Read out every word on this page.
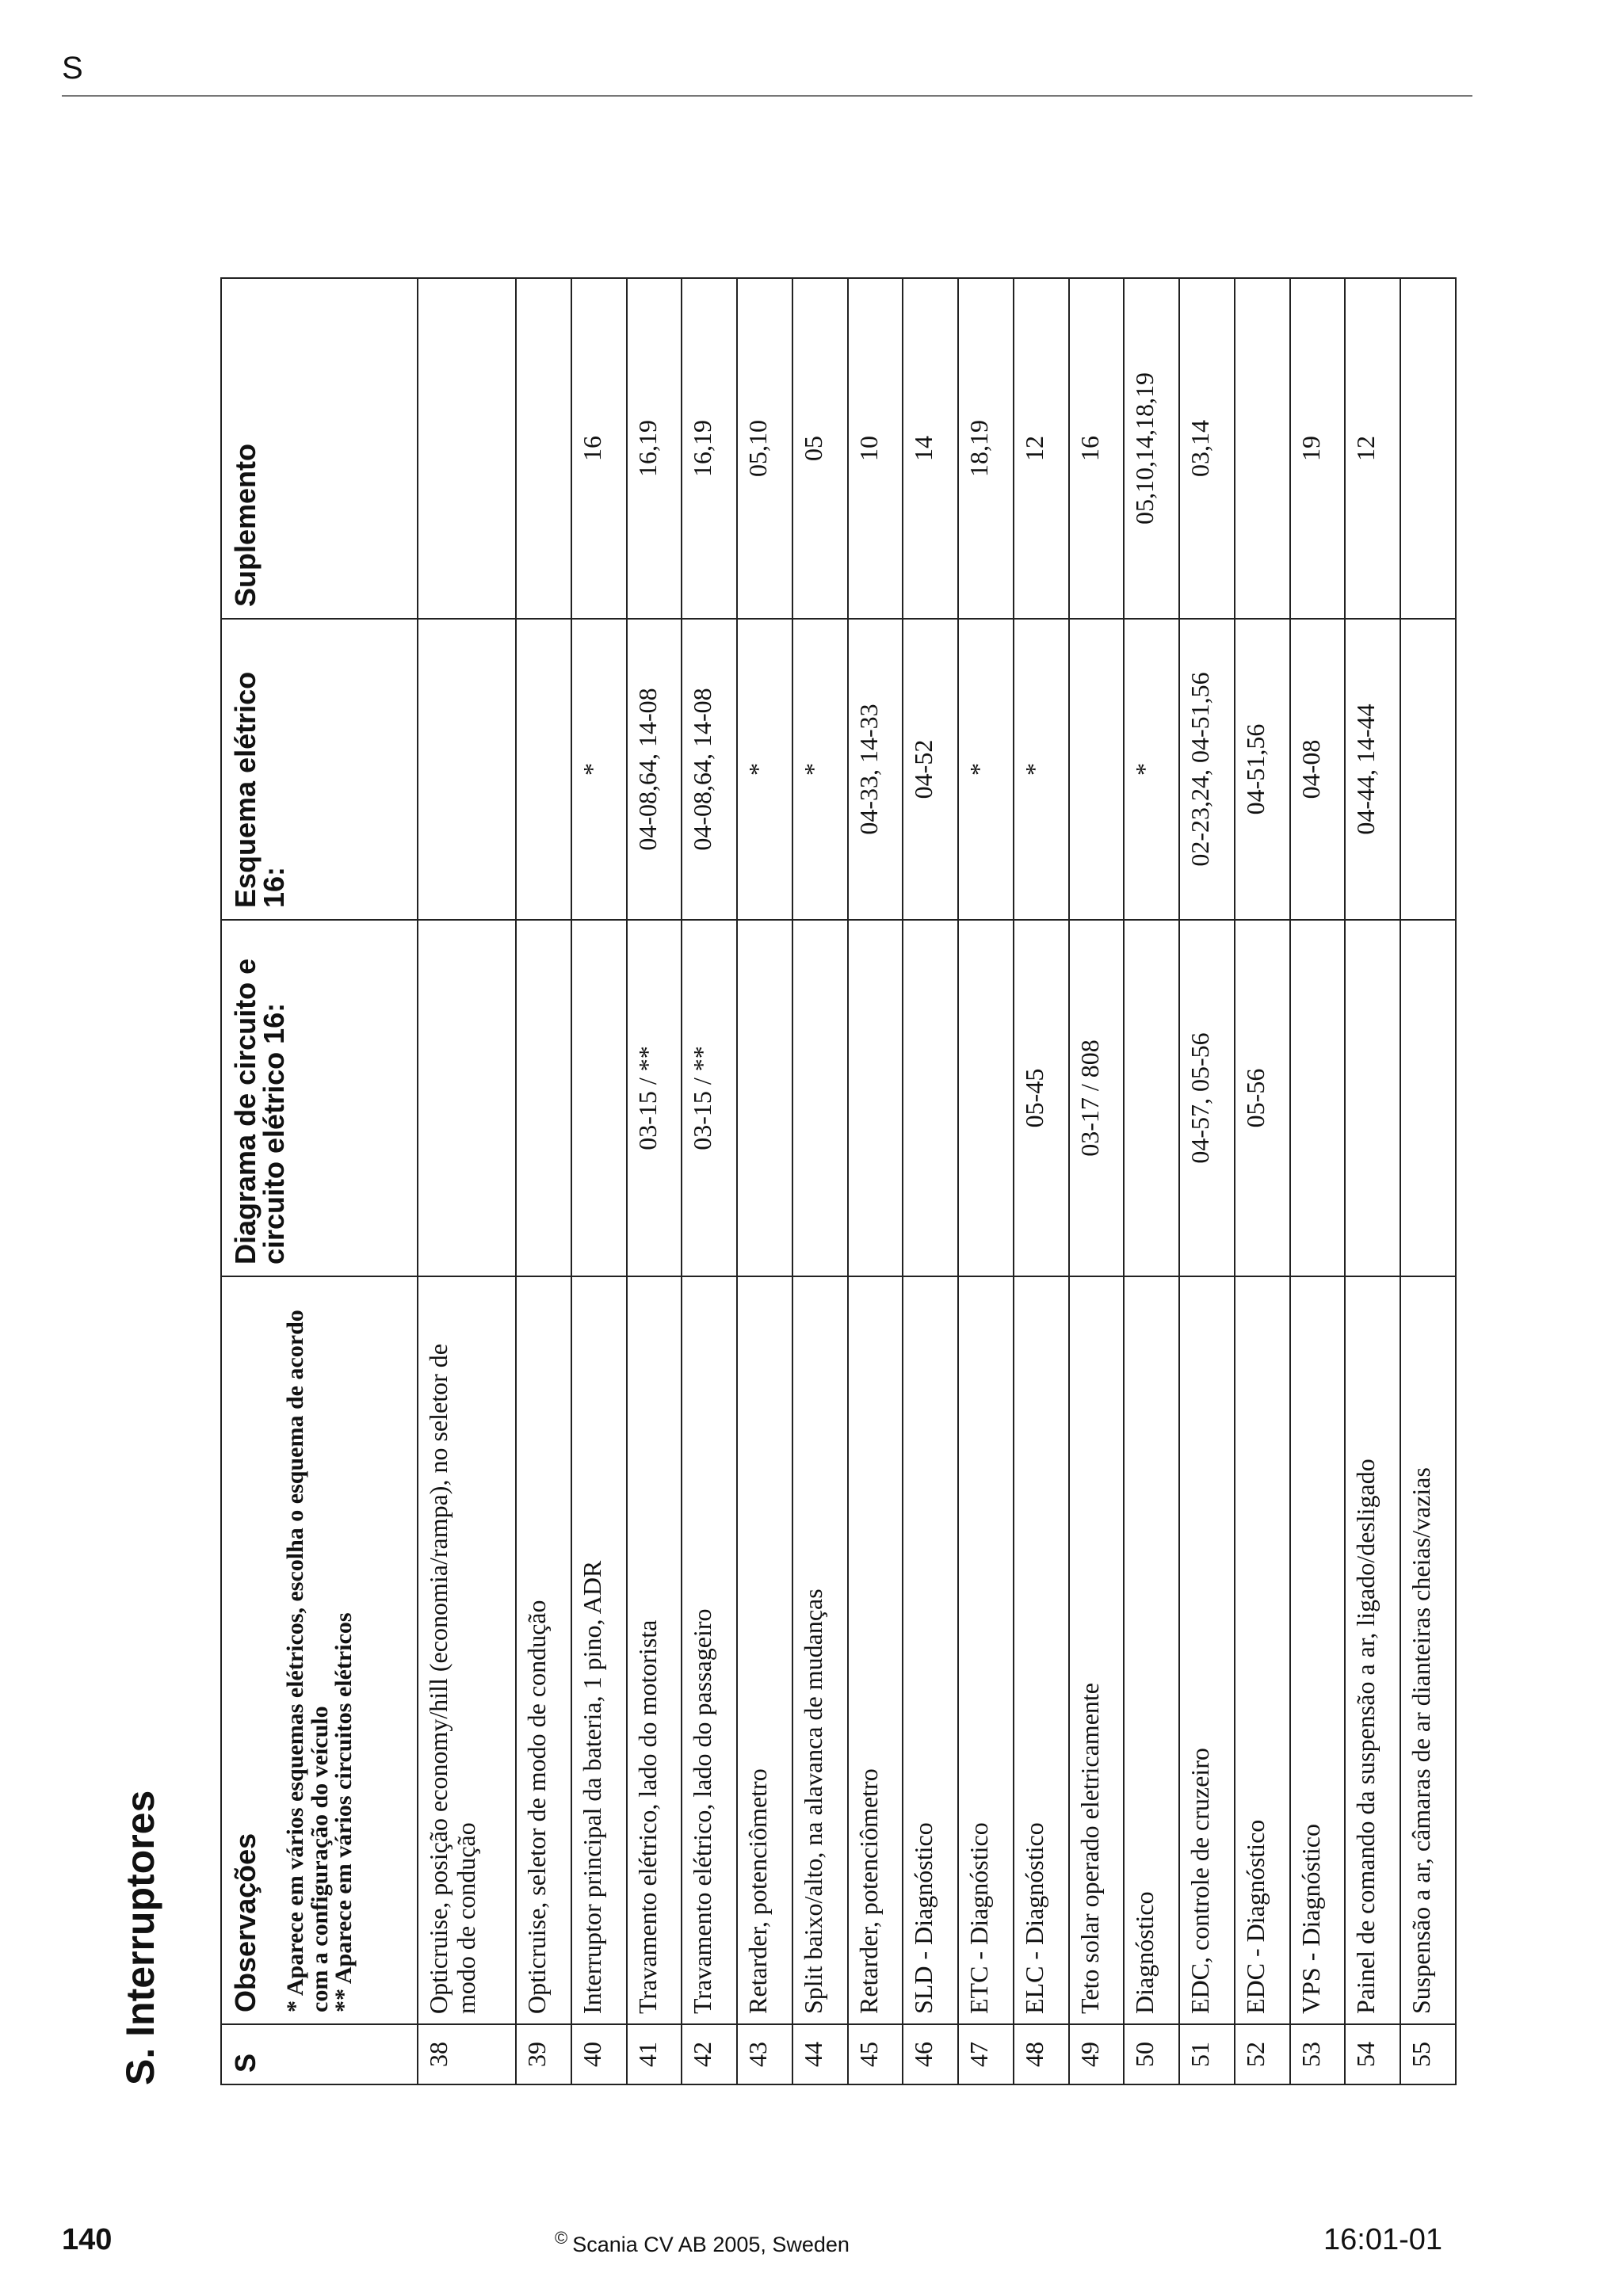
S
S. Interruptores S	Observações * Aparece em vários esquemas elétricos, escolha o esquema de acordo com a configuração do veículo
** Aparece em vários circuitos elétricos	Diagrama de circuito e circuito elétrico 16:	Esquema elétrico 16:	Suplemento
38	Opticruise, posição economy/hill (economia/rampa), no seletor de modo de condução			
39	Opticruise, seletor de modo de condução			
40	Interruptor principal da bateria, 1 pino, ADR		*	16
41	Travamento elétrico, lado do motorista	03-15 / **	04-08,64, 14-08	16,19
42	Travamento elétrico, lado do passageiro	03-15 / **	04-08,64, 14-08	16,19
43	Retarder, potenciômetro		*	05,10
44	Split baixo/alto, na alavanca de mudanças		*	05
45	Retarder, potenciômetro		04-33, 14-33	10
46	SLD - Diagnóstico		04-52	14
47	ETC - Diagnóstico		*	18,19
48	ELC - Diagnóstico	05-45	*	12
49	Teto solar operado eletricamente	03-17 / 808		16
50	Diagnóstico		*	05,10,14,18,19
51	EDC, controle de cruzeiro	04-57, 05-56	02-23,24, 04-51,56	03,14
52	EDC - Diagnóstico	05-56	04-51,56	
53	VPS - Diagnóstico		04-08	19
54	Painel de comando da suspensão a ar, ligado/desligado		04-44, 14-44	12
55	Suspensão a ar, câmaras de ar dianteiras cheias/vazias			
140	© Scania CV AB 2005, Sweden	16:01-01
